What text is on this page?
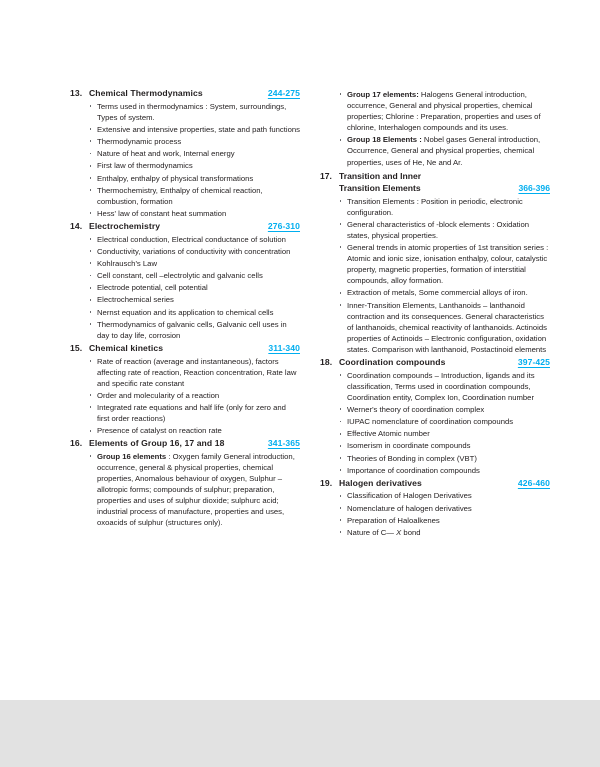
13. Chemical Thermodynamics	244-275
Terms used in thermodynamics : System, surroundings, Types of system.
Extensive and intensive properties, state and path functions
Thermodynamic process
Nature of heat and work, Internal energy
First law of thermodynamics
Enthalpy, enthalpy of physical transformations
Thermochemistry, Enthalpy of chemical reaction, combustion, formation
Hess' law of constant heat summation
14. Electrochemistry	276-310
Electrical conduction, Electrical conductance of solution
Conductivity, variations of conductivity with concentration
Kohlrausch's Law
Cell constant, cell –electrolytic and galvanic cells
Electrode potential, cell potential
Electrochemical series
Nernst equation and its application to chemical cells
Thermodynamics of galvanic cells, Galvanic cell uses in day to day life, corrosion
15. Chemical kinetics	311-340
Rate of reaction (average and instantaneous), factors affecting rate of reaction, Reaction concentration, Rate law and specific rate constant
Order and molecularity of a reaction
Integrated rate equations and half life (only for zero and first order reactions)
Presence of catalyst on reaction rate
16. Elements of Group 16, 17 and 18	341-365
Group 16 elements : Oxygen family General introduction, occurrence, general & physical properties, chemical properties, Anomalous behaviour of oxygen, Sulphur – allotropic forms; compounds of sulphur; preparation, properties and uses of sulphur dioxide; sulphurc acid; industrial process of manufacture, properties and uses, oxoacids of sulphur (structures only).
Group 17 elements: Halogens General introduction, occurrence, General and physical properties, chemical properties; Chlorine : Preparation, properties and uses of chlorine, Interhalogen compounds and its uses.
Group 18 Elements : Nobel gases General introduction, Occurrence, General and physical properties, chemical properties, uses of He, Ne and Ar.
17. Transition and Inner
Transition Elements	366-396
Transition Elements : Position in periodic, electronic configuration.
General characteristics of -block elements : Oxidation states, physical properties.
General trends in atomic properties of 1st transition series : Atomic and ionic size, ionisation enthalpy, colour, catalystic property, magnetic properties, formation of interstitial compounds, alloy formation.
Extraction of metals, Some commercial alloys of iron.
Inner-Transition Elements, Lanthanoids – lanthanoid contraction and its consequences. General characteristics of lanthanoids, chemical reactivity of lanthanoids. Actinoids properties of Actinoids – Electronic configuration, oxidation states. Comparison with lanthanoid, Postactinoid elements
18. Coordination compounds	397-425
Coordination compounds – Introduction, ligands and its classification, Terms used in coordination compounds, Coordination entity, Complex Ion, Coordination number
Werner's theory of coordination complex
IUPAC nomenclature of coordination compounds
Effective Atomic number
Isomerism in coordinate compounds
Theories of Bonding in complex (VBT)
Importance of coordination compounds
19. Halogen derivatives	426-460
Classification of Halogen Derivatives
Nomenclature of halogen derivatives
Preparation of Haloalkenes
Nature of C— X bond
